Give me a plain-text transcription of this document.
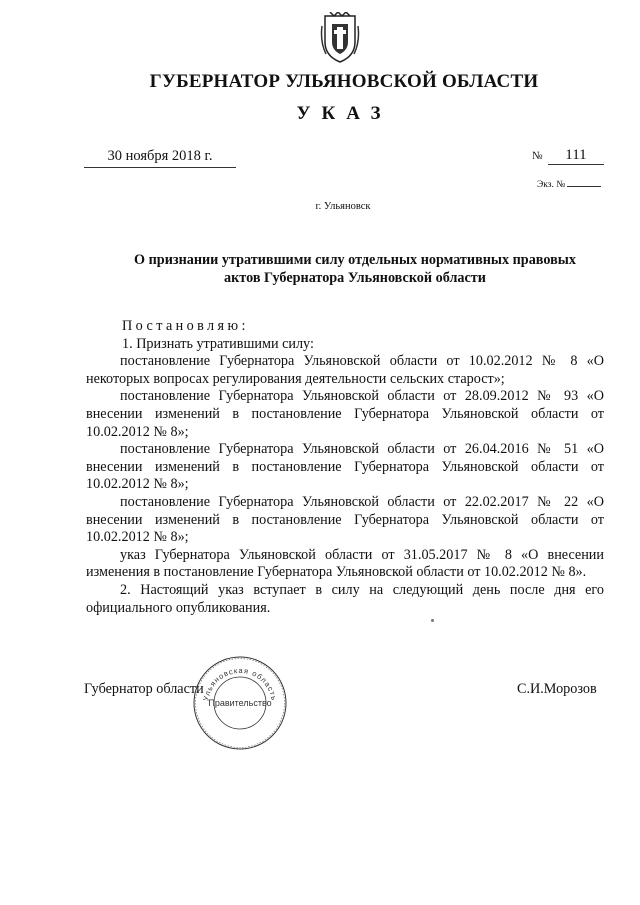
ГУБЕРНАТОР УЛЬЯНОВСКОЙ ОБЛАСТИ
УКАЗ
30 ноября 2018 г.	№ 111
Экз. №
г. Ульяновск
О признании утратившими силу отдельных нормативных правовых актов Губернатора Ульяновской области

Постановляю:

1. Признать утратившими силу:

постановление Губернатора Ульяновской области от 10.02.2012 № 8 «О некоторых вопросах регулирования деятельности сельских старост»;

постановление Губернатора Ульяновской области от 28.09.2012 № 93 «О внесении изменений в постановление Губернатора Ульяновской области от 10.02.2012 № 8»;

постановление Губернатора Ульяновской области от 26.04.2016 № 51 «О внесении изменений в постановление Губернатора Ульяновской области от 10.02.2012 № 8»;

постановление Губернатора Ульяновской области от 22.02.2017 № 22 «О внесении изменений в постановление Губернатора Ульяновской области от 10.02.2012 № 8»;

указ Губернатора Ульяновской области от 31.05.2017 № 8 «О внесении изменения в постановление Губернатора Ульяновской области от 10.02.2012 № 8».

2. Настоящий указ вступает в силу на следующий день после дня его официального опубликования.

Губернатор области	С.И.Морозов
Ульяновская область
Правительство
